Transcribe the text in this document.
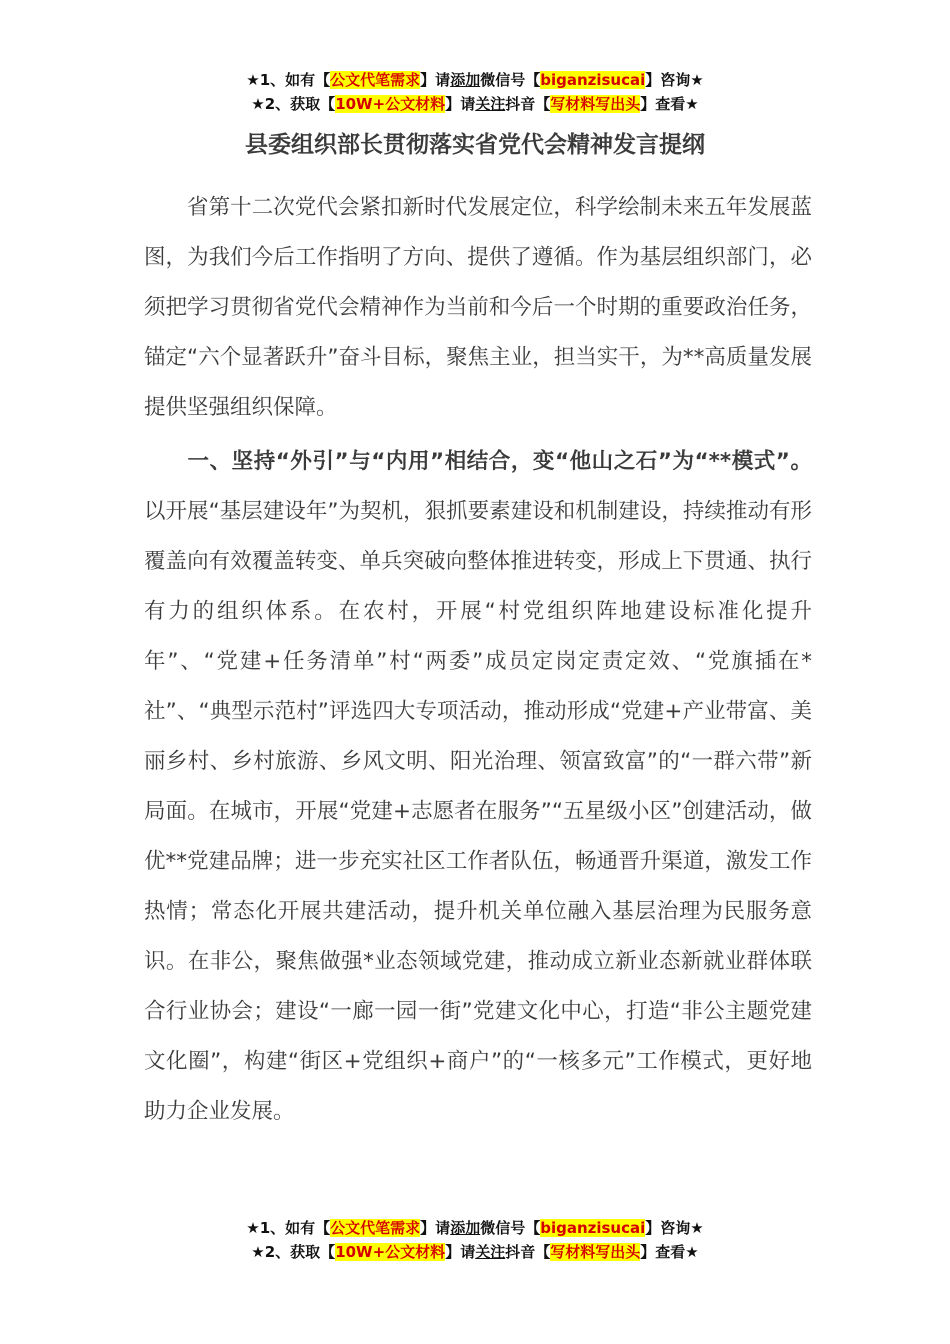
★1、如有【公文代笔需求】请添加微信号【biganzisucai】咨询★
★2、获取【10W+公文材料】请关注抖音【写材料写出头】查看★
县委组织部长贯彻落实省党代会精神发言提纲

省第十二次党代会紧扣新时代发展定位，科学绘制未来五年发展蓝图，为我们今后工作指明了方向、提供了遵循。作为基层组织部门，必须把学习贯彻省党代会精神作为当前和今后一个时期的重要政治任务，锚定“六个显著跃升”奋斗目标，聚焦主业，担当实干，为**高质量发展提供坚强组织保障。

一、坚持“外引”与“内用”相结合，变“他山之石”为“**模式”。以开展“基层建设年”为契机，狠抓要素建设和机制建设，持续推动有形覆盖向有效覆盖转变、单兵突破向整体推进转变，形成上下贯通、执行有力的组织体系。在农村，开展“村党组织阵地建设标准化提升年”、“党建+任务清单”村“两委”成员定岗定责定效、“党旗插在*社”、“典型示范村”评选四大专项活动，推动形成“党建+产业带富、美丽乡村、乡村旅游、乡风文明、阳光治理、领富致富”的“一群六带”新局面。在城市，开展“党建+志愿者在服务”“五星级小区”创建活动，做优**党建品牌；进一步充实社区工作者队伍，畅通晋升渠道，激发工作热情；常态化开展共建活动，提升机关单位融入基层治理为民服务意识。在非公，聚焦做强*业态领域党建，推动成立新业态新就业群体联合行业协会；建设“一廊一园一街”党建文化中心，打造“非公主题党建文化圈”，构建“街区+党组织+商户”的“一核多元”工作模式，更好地助力企业发展。

★1、如有【公文代笔需求】请添加微信号【biganzisucai】咨询★
★2、获取【10W+公文材料】请关注抖音【写材料写出头】查看★
